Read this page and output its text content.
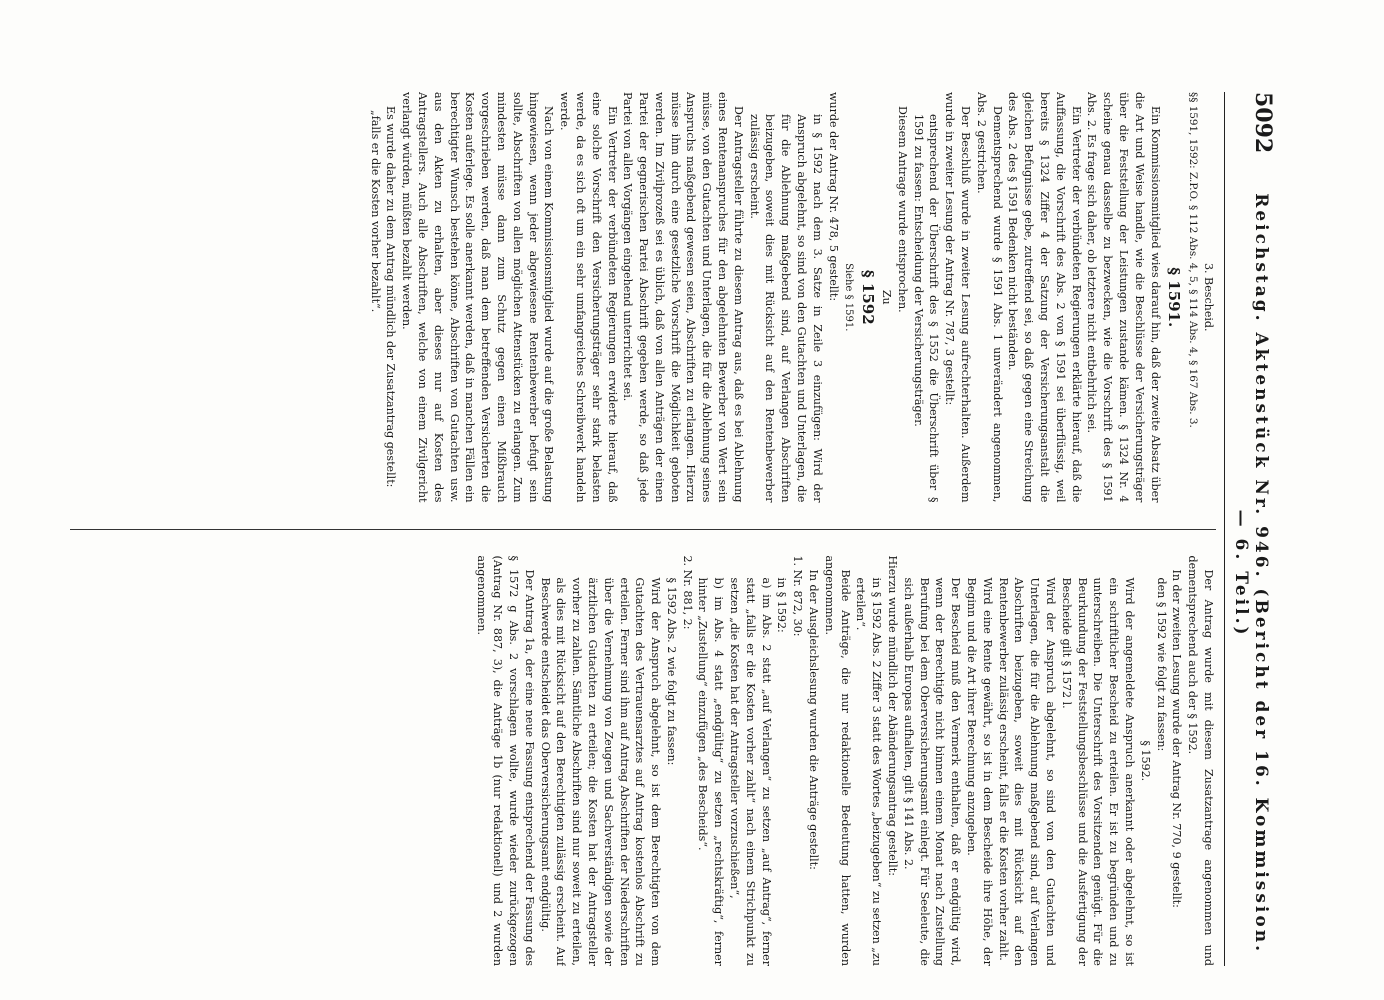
5092
Reichstag. Aktenstück Nr. 946. (Bericht der 16. Kommission. — 6. Teil.)

3. Bescheid.

§§ 1591, 1592: Z.P.O. § 112 Abs. 4, 5, § 114 Abs. 4, § 167 Abs. 3.

§ 1591.

Ein Kommissionsmitglied wies darauf hin, daß der zweite Absatz über die Art und Weise handle, wie die Beschlüsse der Versicherungsträger über die Feststellung der Leistungen zustande kämen. § 1324 Nr. 4 scheine genau dasselbe zu bezwecken, wie die Vorschrift des § 1591 Abs. 2. Es frage sich daher, ob letztere nicht entbehrlich sei.

Ein Vertreter der verbündeten Regierungen erklärte hierauf, daß die Auffassung, die Vorschrift des Abs. 2 von § 1591 sei überflüssig, weil bereits § 1324 Ziffer 4 der Satzung der Versicherungsanstalt die gleichen Befugnisse gebe, zutreffend sei, so daß gegen eine Streichung des Abs. 2 des § 1591 Bedenken nicht beständen.

Dementsprechend wurde § 1591 Abs. 1 unverändert angenommen, Abs. 2 gestrichen.

Der Beschluß wurde in zweiter Lesung aufrechterhalten. Außerdem wurde in zweiter Lesung der Antrag Nr. 787, 3 gestellt:

entsprechend der Überschrift des § 1552 die Überschrift über § 1591 zu fassen: Entscheidung der Versicherungsträger.

Diesem Antrage wurde entsprochen.

Zu

§ 1592

Siehe § 1591.

wurde der Antrag Nr. 478, 5 gestellt:

in § 1592 nach dem 3. Satze in Zeile 3 einzufügen: Wird der Anspruch abgelehnt, so sind von den Gutachten und Unterlagen, die für die Ablehnung maßgebend sind, auf Verlangen Abschriften beizugeben, soweit dies mit Rücksicht auf den Rentenbewerber zulässig erscheint.

Der Antragsteller führte zu diesem Antrag aus, daß es bei Ablehnung eines Rentenanspruches für den abgelehnten Bewerber von Wert sein müsse, von den Gutachten und Unterlagen, die für die Ablehnung seines Anspruchs maßgebend gewesen seien, Abschriften zu erlangen. Hierzu müsse ihm durch eine gesetzliche Vorschrift die Möglichkeit geboten werden. Im Zivilprozeß sei es üblich, daß von allen Anträgen der einen Partei der gegnerischen Partei Abschrift gegeben werde, so daß jede Partei von allen Vorgängen eingehend unterrichtet sei.

Ein Vertreter der verbündeten Regierungen erwiderte hierauf, daß eine solche Vorschrift den Versicherungsträger sehr stark belasten werde, da es sich oft um ein sehr umfangreiches Schreibwerk handeln werde.

Nach von einem Kommissionsmitglied wurde auf die große Belastung hingewiesen, wenn jeder abgewiesene Rentenbewerber befugt sein sollte, Abschriften von allen möglichen Attenstücken zu erlangen. Zum mindesten müsse dann zum Schutz gegen einen Mißbrauch vorgeschrieben werden, daß man dem betreffenden Versicherten die Kosten auferlege. Es solle anerkannt werden, daß in manchen Fällen ein berechtigter Wunsch bestehen könne, Abschriften von Gutachten usw. aus den Akten zu erhalten, aber dieses nur auf Kosten des Antragstellers. Auch alle Abschriften, welche von einem Zivilgericht verlangt würden, müßten bezahlt werden.

Es wurde daher zu dem Antrag mündlich der Zusatzantrag gestellt:

„falls er die Kosten vorher bezahlt“.

Der Antrag wurde mit diesem Zusatzantrage angenommen und dementsprechend auch der § 1592.

In der zweiten Lesung wurde der Antrag Nr. 770, 9 gestellt:

den § 1592 wie folgt zu fassen:

§ 1592.

Wird der angemeldete Anspruch anerkannt oder abgelehnt, so ist ein schriftlicher Bescheid zu erteilen. Er ist zu begründen und zu unterschreiben. Die Unterschrift des Vorsitzenden genügt. Für die Beurkundung der Feststellungsbeschlüsse und die Ausfertigung der Bescheide gilt § 1572 l.

Wird der Anspruch abgelehnt, so sind von den Gutachten und Unterlagen, die für die Ablehnung maßgebend sind, auf Verlangen Abschriften beizugeben, soweit dies mit Rücksicht auf den Rentenbewerber zulässig erscheint, falls er die Kosten vorher zahlt.

Wird eine Rente gewährt, so ist in dem Bescheide ihre Höhe, der Beginn und die Art ihrer Berechnung anzugeben.

Der Bescheid muß den Vermerk enthalten, daß er endgültig wird, wenn der Berechtigte nicht binnen einem Monat nach Zustellung Berufung bei dem Oberversicherungsamt einlegt. Für Seeleute, die sich außerhalb Europas aufhalten, gilt § 141 Abs. 2.

Hierzu wurde mündlich der Abänderungsantrag gestellt:

in § 1592 Abs. 2 Ziffer 3 statt des Wortes „beizugeben“ zu setzen „zu erteilen“.

Beide Anträge, die nur redaktionelle Bedeutung hatten, wurden angenommen.

In der Ausgleichslesung wurden die Anträge gestellt:

1. Nr. 872, 30:

in § 1592:

a) im Abs. 2 statt „auf Verlangen“ zu setzen „auf Antrag“, ferner statt „falls er die Kosten vorher zahlt“ nach einem Strichpunkt zu setzen „die Kosten hat der Antragsteller vorzuschießen“,

b) im Abs. 4 statt „endgültig“ zu setzen „rechtskräftig“, ferner hinter „Zustellung“ einzufügen „des Bescheids“.

2. Nr. 881, 2:

§ 1592 Abs. 2 wie folgt zu fassen:

Wird der Anspruch abgelehnt, so ist dem Berechtigten von dem Gutachten des Vertrauensarztes auf Antrag kostenlos Abschrift zu erteilen. Ferner sind ihm auf Antrag Abschriften der Niederschriften über die Vernehmung von Zeugen und Sachverständigen sowie der ärztlichen Gutachten zu erteilen; die Kosten hat der Antragsteller vorher zu zahlen. Sämtliche Abschriften sind nur soweit zu erteilen, als dies mit Rücksicht auf den Berechtigten zulässig erscheint. Auf Beschwerde entscheidet das Oberversicherungsamt endgültig.

Der Antrag 1a, der eine neue Fassung entsprechend der Fassung des § 1572 g Abs. 2 vorschlagen wollte, wurde wieder zurückgezogen (Antrag Nr. 887, 3), die Anträge 1b (nur redaktionell) und 2 wurden angenommen.
